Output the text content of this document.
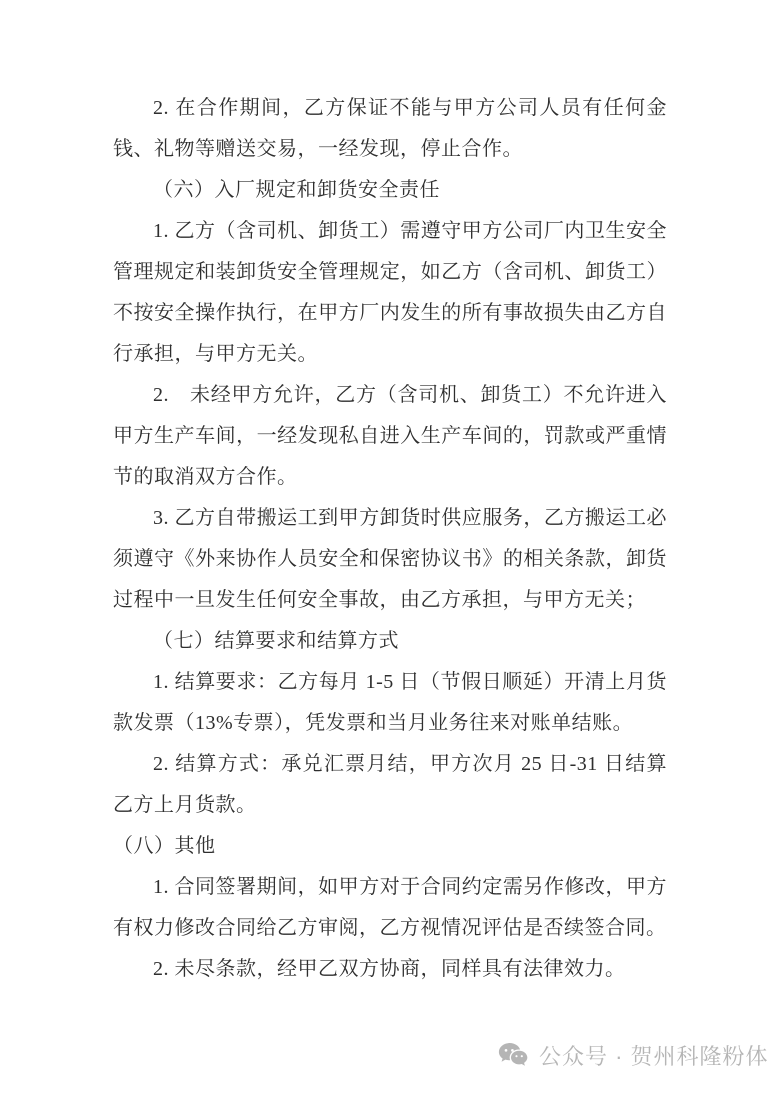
2. 在合作期间，乙方保证不能与甲方公司人员有任何金钱、礼物等赠送交易，一经发现，停止合作。

（六）入厂规定和卸货安全责任

1. 乙方（含司机、卸货工）需遵守甲方公司厂内卫生安全管理规定和装卸货安全管理规定，如乙方（含司机、卸货工）不按安全操作执行，在甲方厂内发生的所有事故损失由乙方自行承担，与甲方无关。

2.　未经甲方允许，乙方（含司机、卸货工）不允许进入甲方生产车间，一经发现私自进入生产车间的，罚款或严重情节的取消双方合作。

3. 乙方自带搬运工到甲方卸货时供应服务，乙方搬运工必须遵守《外来协作人员安全和保密协议书》的相关条款，卸货过程中一旦发生任何安全事故，由乙方承担，与甲方无关；

（七）结算要求和结算方式

1. 结算要求：乙方每月 1-5 日（节假日顺延）开清上月货款发票（13%专票），凭发票和当月业务往来对账单结账。

2. 结算方式：承兑汇票月结，甲方次月 25 日-31 日结算乙方上月货款。

（八）其他

1. 合同签署期间，如甲方对于合同约定需另作修改，甲方有权力修改合同给乙方审阅，乙方视情况评估是否续签合同。

2. 未尽条款，经甲乙双方协商，同样具有法律效力。

公众号 · 贺州科隆粉体
